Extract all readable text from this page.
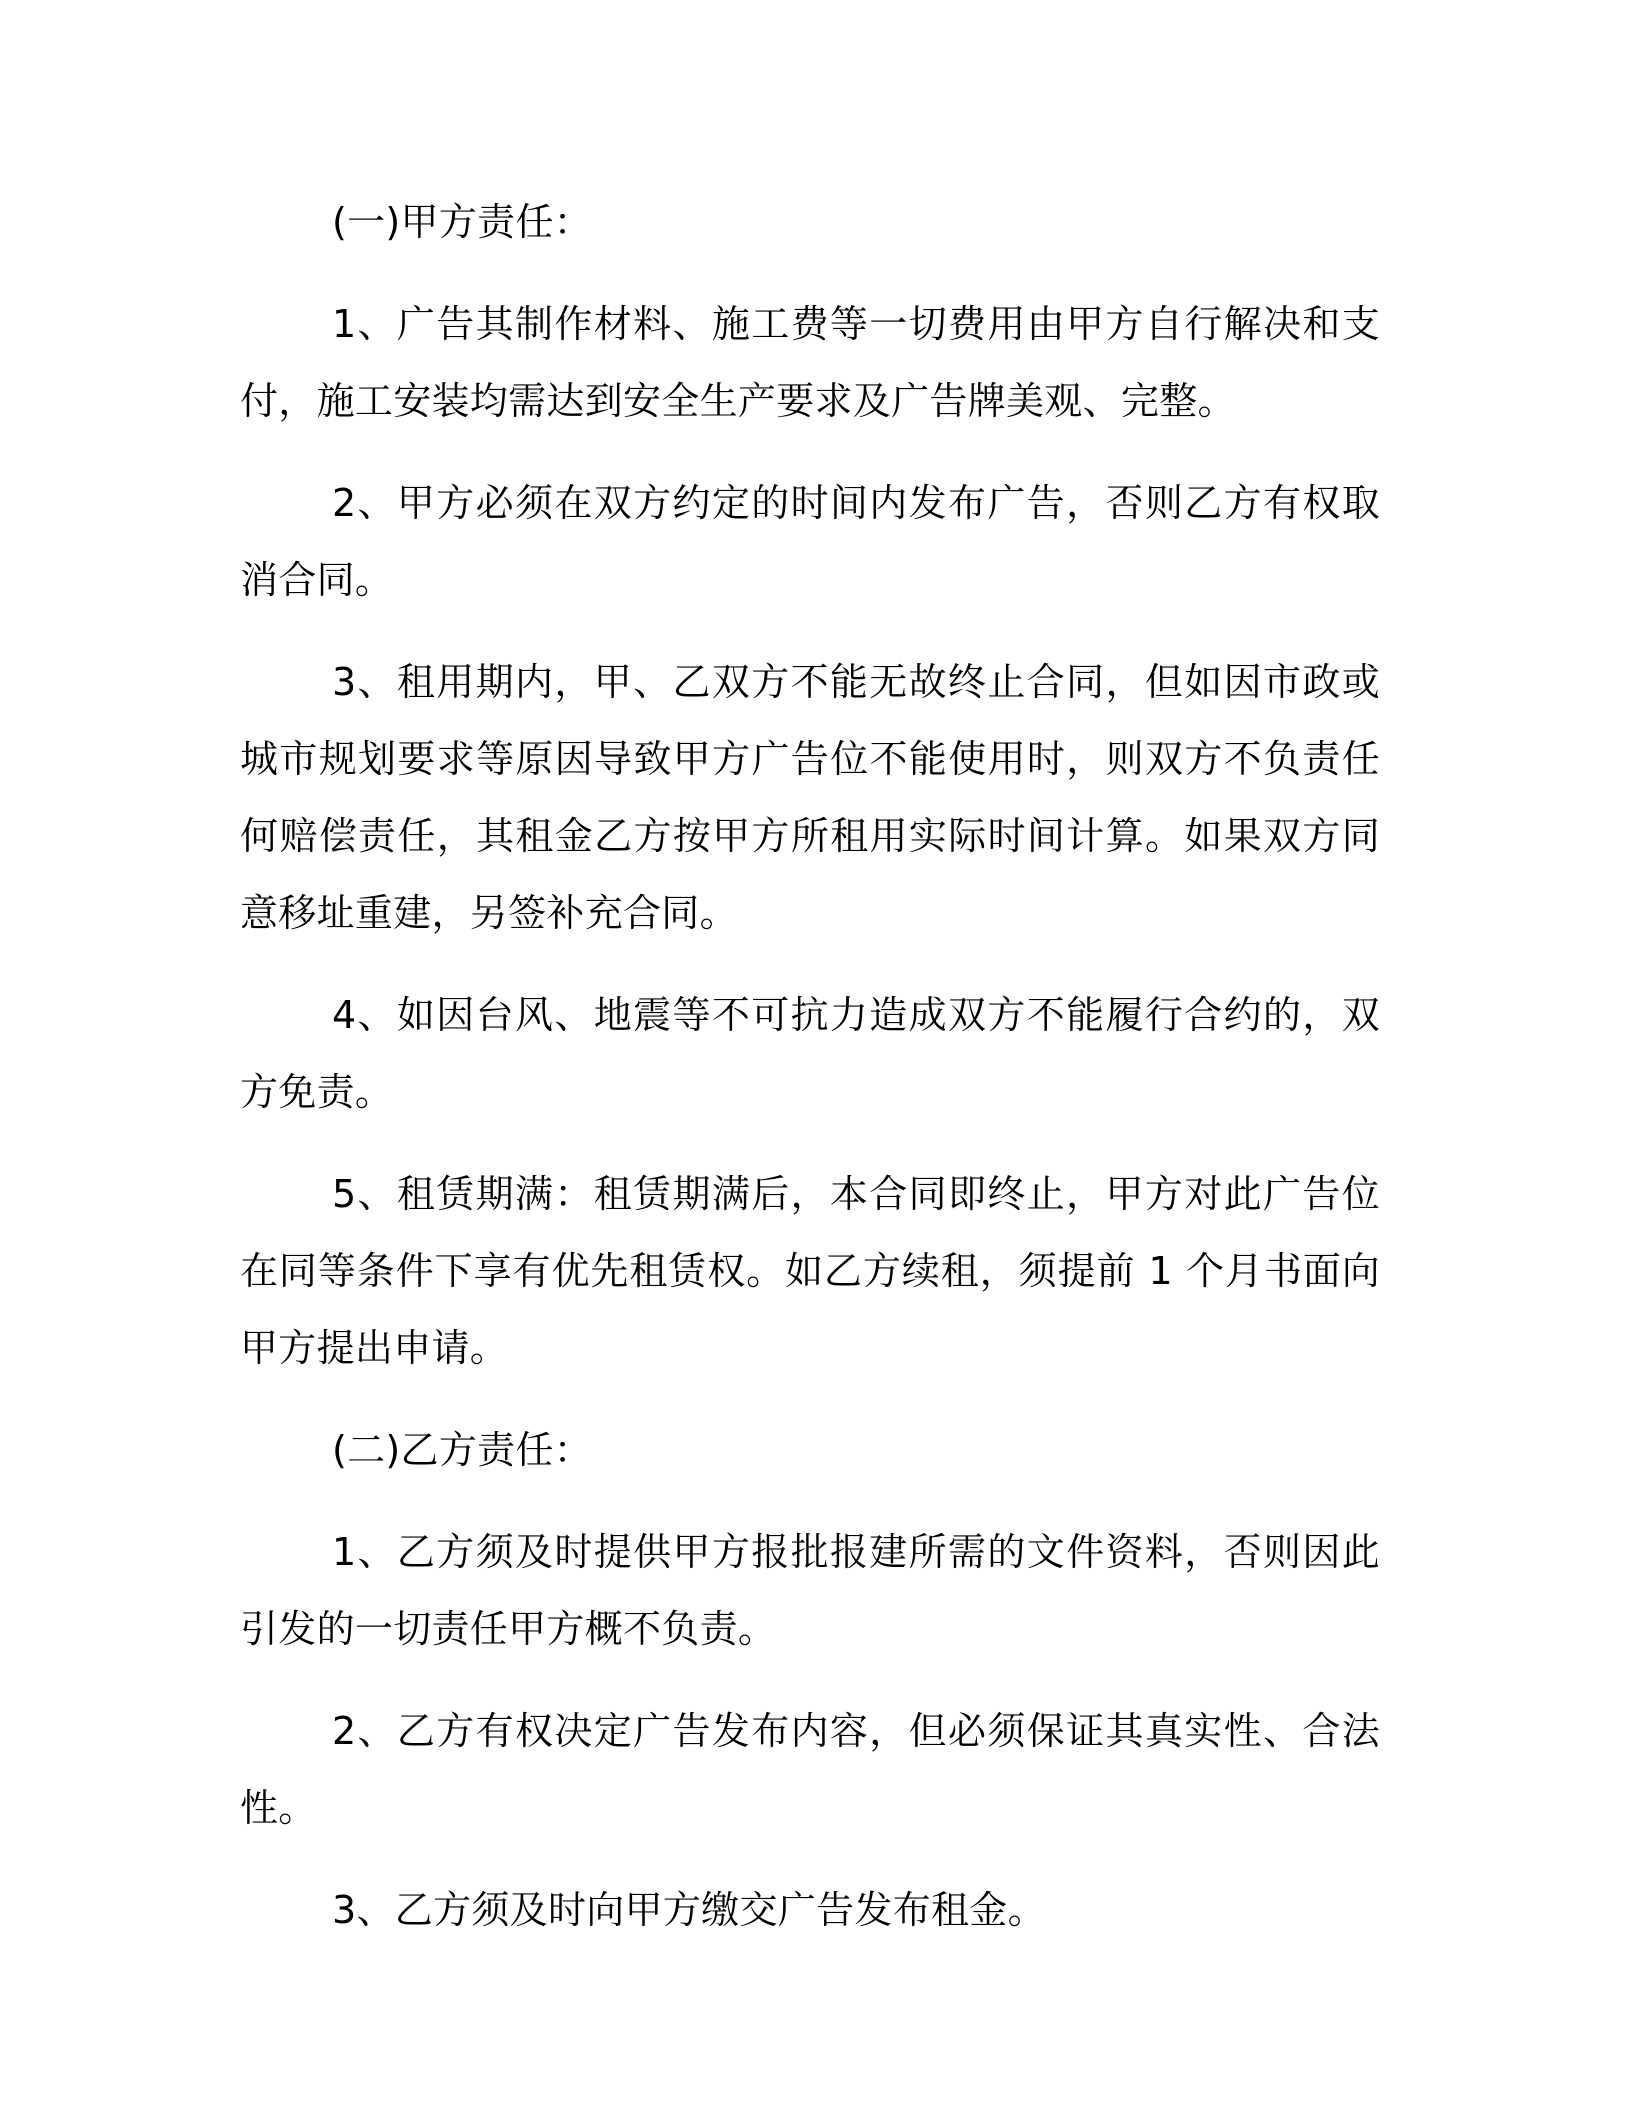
(一)甲方责任：

1、广告其制作材料、施工费等一切费用由甲方自行解决和支付，施工安装均需达到安全生产要求及广告牌美观、完整。

2、甲方必须在双方约定的时间内发布广告，否则乙方有权取消合同。

3、租用期内，甲、乙双方不能无故终止合同，但如因市政或城市规划要求等原因导致甲方广告位不能使用时，则双方不负责任何赔偿责任，其租金乙方按甲方所租用实际时间计算。如果双方同意移址重建，另签补充合同。

4、如因台风、地震等不可抗力造成双方不能履行合约的，双方免责。

5、租赁期满：租赁期满后，本合同即终止，甲方对此广告位在同等条件下享有优先租赁权。如乙方续租，须提前 1 个月书面向甲方提出申请。

(二)乙方责任：

1、乙方须及时提供甲方报批报建所需的文件资料，否则因此引发的一切责任甲方概不负责。

2、乙方有权决定广告发布内容，但必须保证其真实性、合法性。

3、乙方须及时向甲方缴交广告发布租金。
